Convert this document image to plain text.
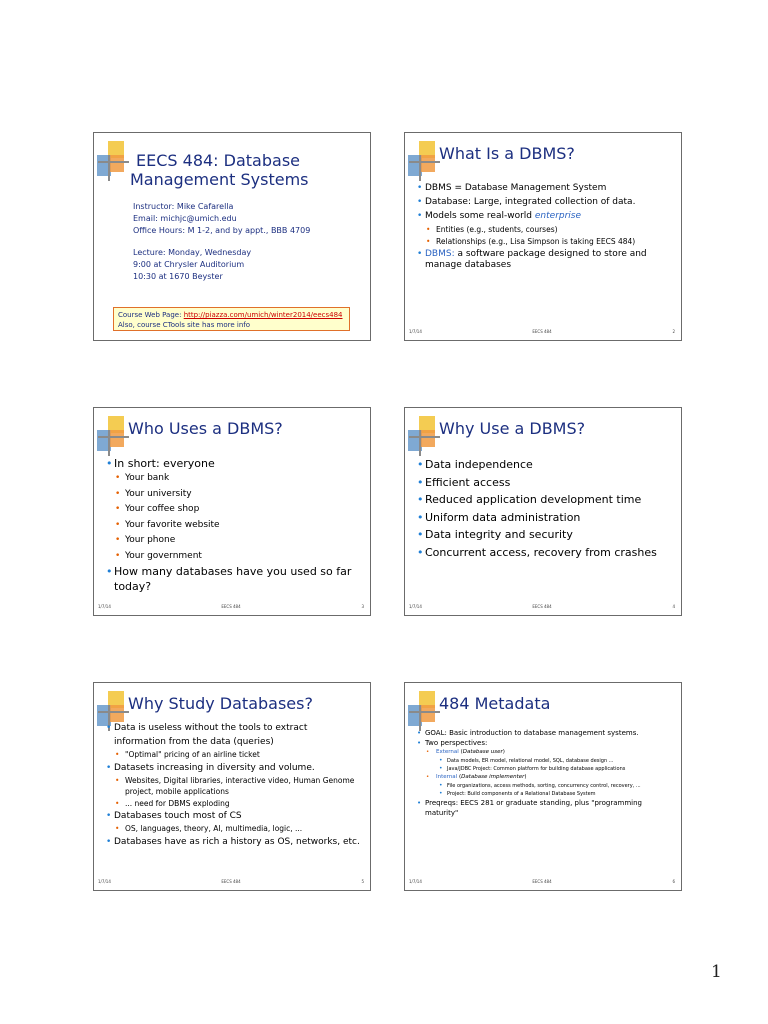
EECS 484: Database
Management Systems
Instructor: Mike Cafarella
Email: michjc@umich.edu
Office Hours: M 1-2, and by appt., BBB 4709
Lecture: Monday, Wednesday
9:00 at Chrysler Auditorium
10:30 at 1670 Beyster
Course Web Page: http://piazza.com/umich/winter2014/eecs484
Also, course CTools site has more info
What Is a DBMS?
• DBMS = Database Management System
• Database: Large, integrated collection of data.
• Models some real-world enterprise
• Entities (e.g., students, courses)
• Relationships (e.g., Lisa Simpson is taking EECS 484)
• DBMS: a software package designed to store and manage databases
1/7/14	EECS 484	2
Who Uses a DBMS?
• In short: everyone
• Your bank
• Your university
• Your coffee shop
• Your favorite website
• Your phone
• Your government
• How many databases have you used so far today?
1/7/14	EECS 484	3
Why Use a DBMS?
• Data independence
• Efficient access
• Reduced application development time
• Uniform data administration
• Data integrity and security
• Concurrent access, recovery from crashes
1/7/14	EECS 484	4
Why Study Databases?
• Data is useless without the tools to extract information from the data (queries)
• "Optimal" pricing of an airline ticket
• Datasets increasing in diversity and volume.
• Websites, Digital libraries, interactive video, Human Genome project, mobile applications
• ... need for DBMS exploding
• Databases touch most of CS
• OS, languages, theory, AI, multimedia, logic, ...
• Databases have as rich a history as OS, networks, etc.
1/7/14	EECS 484	5
484 Metadata
• GOAL: Basic introduction to database management systems.
• Two perspectives:
• External (Database user)
• Data models, ER model, relational model, SQL, database design ...
• Java/JDBC Project: Common platform for building database applications
• Internal (Database implementer)
• File organizations, access methods, sorting, concurrency control, recovery, ...
• Project: Build components of a Relational Database System
• Preqreqs: EECS 281 or graduate standing, plus "programming maturity"
1/7/14	EECS 484	6
1
